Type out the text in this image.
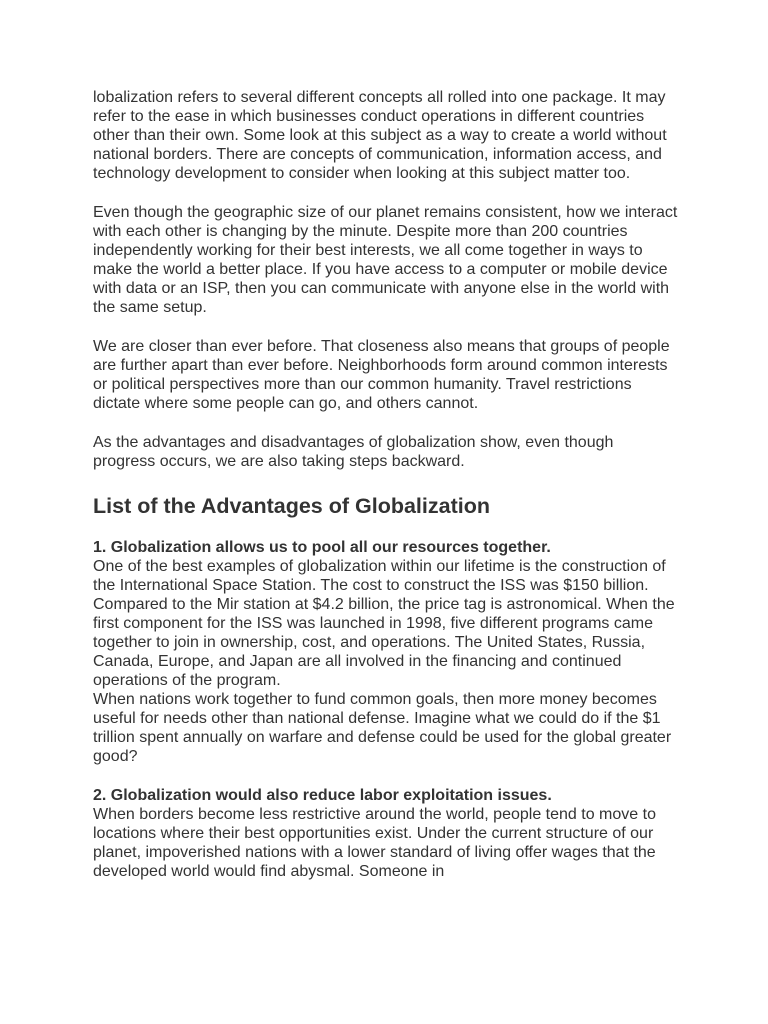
lobalization refers to several different concepts all rolled into one package. It may refer to the ease in which businesses conduct operations in different countries other than their own. Some look at this subject as a way to create a world without national borders. There are concepts of communication, information access, and technology development to consider when looking at this subject matter too.

Even though the geographic size of our planet remains consistent, how we interact with each other is changing by the minute. Despite more than 200 countries independently working for their best interests, we all come together in ways to make the world a better place. If you have access to a computer or mobile device with data or an ISP, then you can communicate with anyone else in the world with the same setup.

We are closer than ever before. That closeness also means that groups of people are further apart than ever before. Neighborhoods form around common interests or political perspectives more than our common humanity. Travel restrictions dictate where some people can go, and others cannot.

As the advantages and disadvantages of globalization show, even though progress occurs, we are also taking steps backward.

List of the Advantages of Globalization

1. Globalization allows us to pool all our resources together.

One of the best examples of globalization within our lifetime is the construction of the International Space Station. The cost to construct the ISS was $150 billion. Compared to the Mir station at $4.2 billion, the price tag is astronomical. When the first component for the ISS was launched in 1998, five different programs came together to join in ownership, cost, and operations. The United States, Russia, Canada, Europe, and Japan are all involved in the financing and continued operations of the program.

When nations work together to fund common goals, then more money becomes useful for needs other than national defense. Imagine what we could do if the $1 trillion spent annually on warfare and defense could be used for the global greater good?

2. Globalization would also reduce labor exploitation issues.

When borders become less restrictive around the world, people tend to move to locations where their best opportunities exist. Under the current structure of our planet, impoverished nations with a lower standard of living offer wages that the developed world would find abysmal. Someone in
